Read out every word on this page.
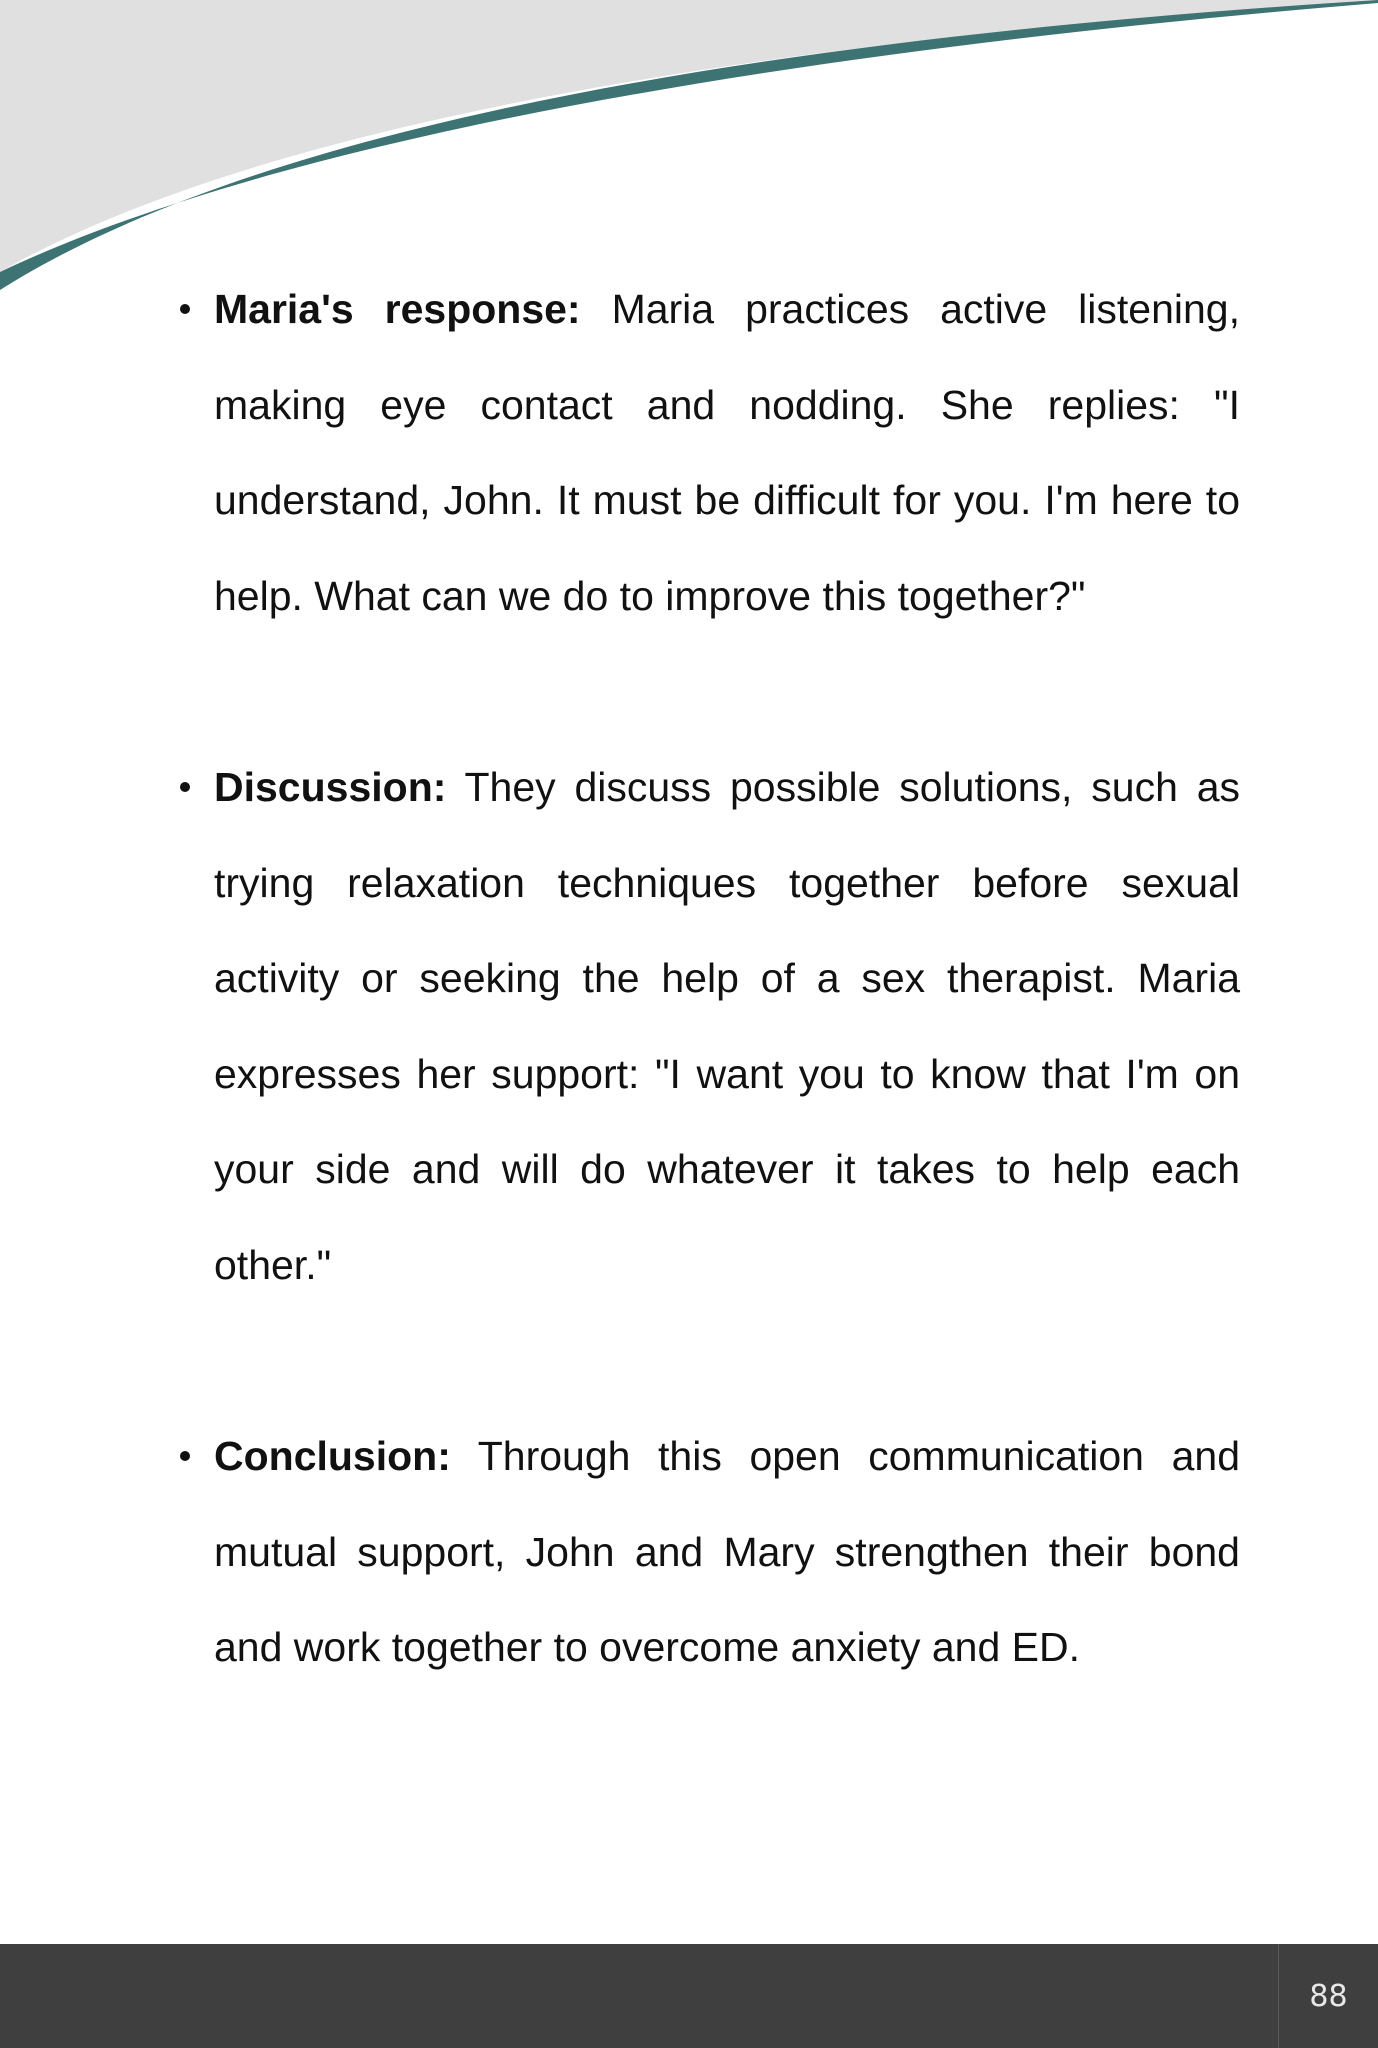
Maria's response: Maria practices active listening, making eye contact and nodding. She replies: "I understand, John. It must be difficult for you. I'm here to help. What can we do to improve this together?"
Discussion: They discuss possible solutions, such as trying relaxation techniques together before sexual activity or seeking the help of a sex therapist. Maria expresses her support: "I want you to know that I'm on your side and will do whatever it takes to help each other."
Conclusion: Through this open communication and mutual support, John and Mary strengthen their bond and work together to overcome anxiety and ED.
88
